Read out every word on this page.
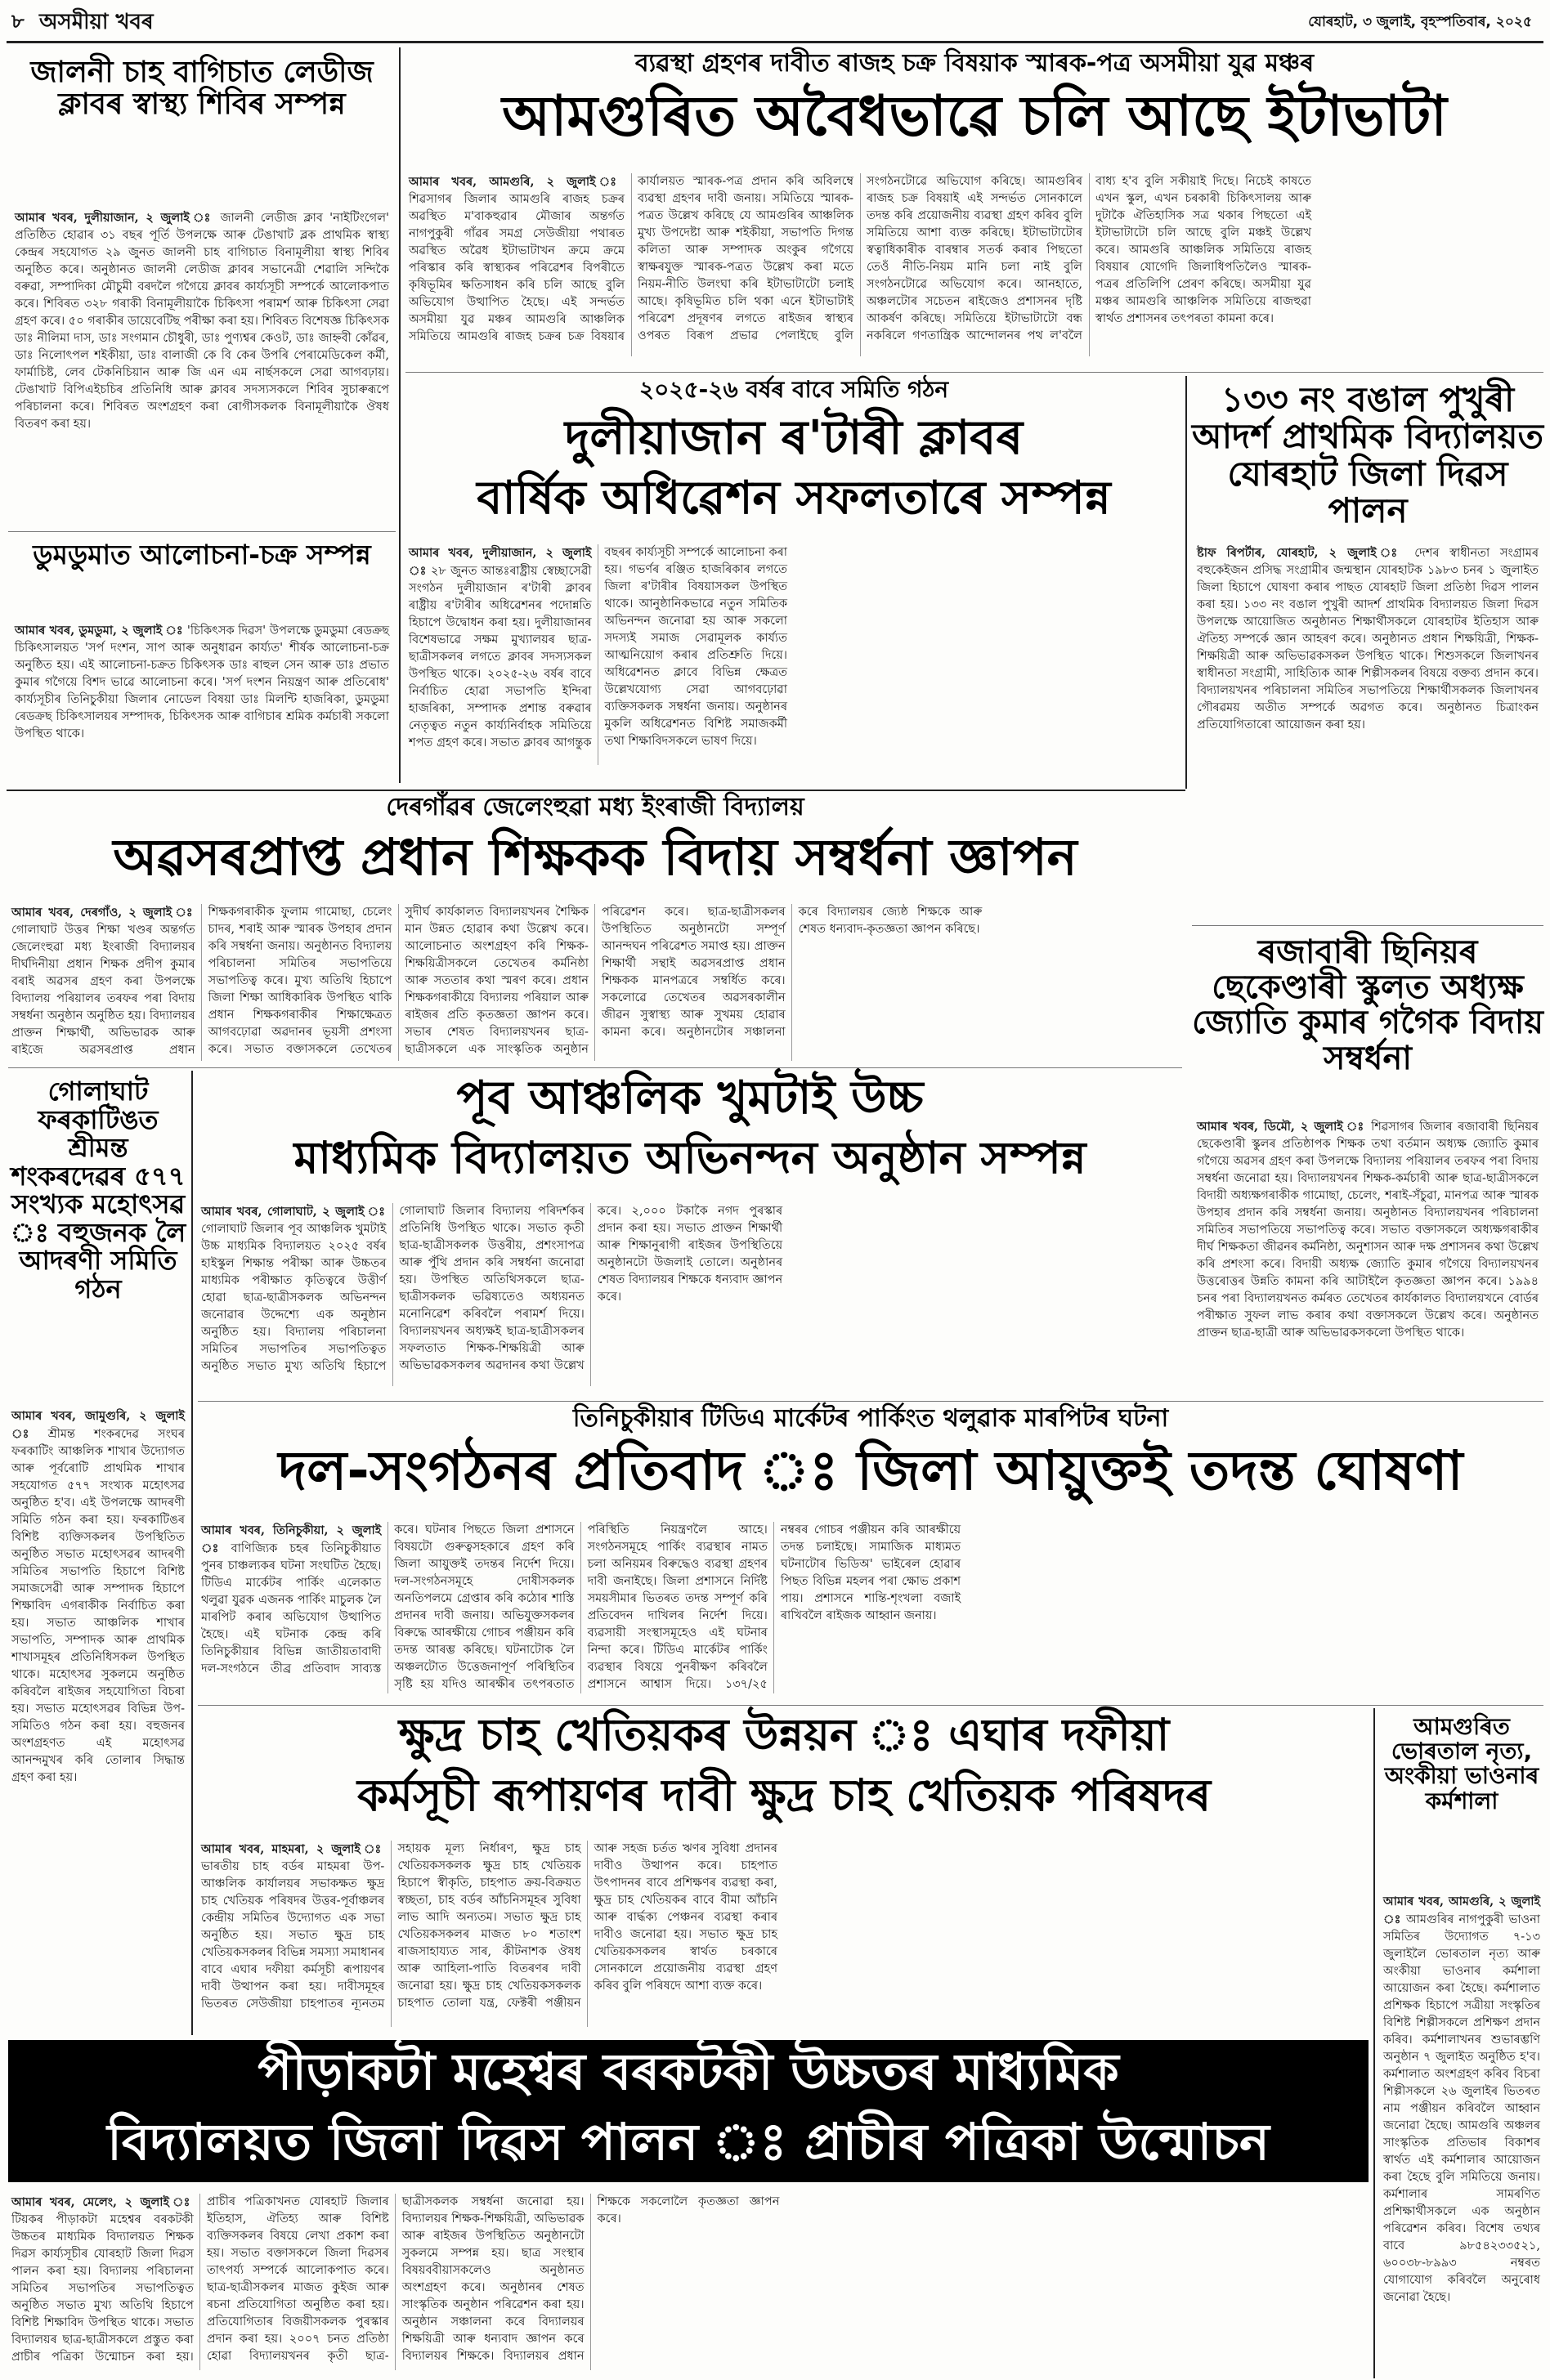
৮ অসমীয়া খবৰ	যোৰহাট, ৩ জুলাই, বৃহস্পতিবাৰ, ২০২৫
জালনী চাহ বাগিচাত লেডীজ ক্লাবৰ স্বাস্থ্য শিবিৰ সম্পন্ন
আমাৰ খবৰ, দুলীয়াজান, ২ জুলাই ঃ জালনী লেডীজ ক্লাব 'নাইটিংগেল' প্ৰতিষ্ঠিত হোৱাৰ ৩১ বছৰ পূৰ্তি উপলক্ষে আৰু টেঙাখাট ব্লক প্ৰাথমিক স্বাস্থ্য কেন্দ্ৰৰ সহযোগত ২৯ জুনত জালনী চাহ বাগিচাত বিনামূলীয়া স্বাস্থ্য শিবিৰ অনুষ্ঠিত কৰে। অনুষ্ঠানত জালনী লেডীজ ক্লাবৰ সভানেত্ৰী শেৱালি সন্দিকৈ বৰুৱা, সম্পাদিকা মৌচুমী বৰদলৈ গগৈয়ে ক্লাবৰ কাৰ্য্যসূচী সম্পৰ্কে আলোকপাত কৰে। শিবিৰত ৩২৮ গৰাকী বিনামূলীয়াকৈ চিকিৎসা পৰামৰ্শ আৰু চিকিৎসা সেৱা গ্ৰহণ কৰে। ৫০ গৰাকীৰ ডায়েবেটিছ পৰীক্ষা কৰা হয়। শিবিৰত বিশেষজ্ঞ চিকিৎসক ডাঃ নীলিমা দাস, ডাঃ সংগমান চৌধুৰী, ডাঃ পুণ্যশ্বৰ কেওট, ডাঃ জাহ্নবী কোঁৱৰ, ডাঃ নিলোৎপল শইকীয়া, ডাঃ বালাজী কে বি কেৰ উপৰি পেৰামেডিকেল কৰ্মী, ফাৰ্মাচিষ্ট, লেব টেকনিচিয়ান আৰু জি এন এম নাৰ্ছসকলে সেৱা আগবঢ়ায়। টেঙাখাট বিপিএইচচিৰ প্ৰতিনিধি আৰু ক্লাবৰ সদস্যসকলে শিবিৰ সুচাৰুৰূপে পৰিচালনা কৰে। শিবিৰত অংশগ্ৰহণ কৰা ৰোগীসকলক বিনামূলীয়াকৈ ঔষধ বিতৰণ কৰা হয়।
ডুমডুমাত আলোচনা-চক্ৰ সম্পন্ন
আমাৰ খবৰ, ডুমডুমা, ২ জুলাই ঃ 'চিকিৎসক দিৱস' উপলক্ষে ডুমডুমা ৰেডক্ৰছ চিকিৎসালয়ত 'সৰ্প দংশন, সাপ আৰু অনুধাৱন কাৰ্য্যত' শীৰ্ষক আলোচনা-চক্ৰ অনুষ্ঠিত হয়। এই আলোচনা-চক্ৰত চিকিৎসক ডাঃ ৰাহুল সেন আৰু ডাঃ প্ৰভাত কুমাৰ গগৈয়ে বিশদ ভাৱে আলোচনা কৰে। 'সৰ্প দংশন নিয়ন্ত্ৰণ আৰু প্ৰতিৰোধ' কাৰ্য্যসূচীৰ তিনিচুকীয়া জিলাৰ নোডেল বিষয়া ডাঃ মিলন্টি হাজৰিকা, ডুমডুমা ৰেডক্ৰছ চিকিৎসালয়ৰ সম্পাদক, চিকিৎসক আৰু বাগিচাৰ শ্ৰমিক কৰ্মচাৰী সকলো উপস্থিত থাকে।
ব্যৱস্থা গ্ৰহণৰ দাবীত ৰাজহ চক্ৰ বিষয়াক স্মাৰক-পত্ৰ অসমীয়া যুৱ মঞ্চৰ
আমগুৰিত অবৈধভাৱে চলি আছে ইটাভাটা
আমাৰ খবৰ, আমগুৰি, ২ জুলাই ঃ শিৱসাগৰ জিলাৰ আমগুৰি ৰাজহ চক্ৰৰ অৱস্থিত ম'বাকহুৱাৰ মৌজাৰ অন্তৰ্গত নাগপুকুৰী গাঁৱৰ সমগ্ৰ সেউজীয়া পথাৰত অৱস্থিত অৱৈধ ইটাভাটাখন ক্ৰমে ক্ৰমে পৰিস্কাৰ কৰি স্বাস্থ্যকৰ পৰিৱেশৰ বিপৰীতে কৃষিভূমিৰ ক্ষতিসাধন কৰি চলি আছে বুলি অভিযোগ উত্থাপিত হৈছে। এই সন্দৰ্ভত অসমীয়া যুৱ মঞ্চৰ আমগুৰি আঞ্চলিক সমিতিয়ে আমগুৰি ৰাজহ চক্ৰৰ চক্ৰ বিষয়াৰ কাৰ্যালয়ত স্মাৰক-পত্ৰ প্ৰদান কৰি অবিলম্বে ব্যৱস্থা গ্ৰহণৰ দাবী জনায়। সমিতিয়ে স্মাৰক-পত্ৰত উল্লেখ কৰিছে যে আমগুৰিৰ আঞ্চলিক মুখ্য উপদেষ্টা আৰু শইকীয়া, সভাপতি দিগন্ত কলিতা আৰু সম্পাদক অংকুৰ গগৈয়ে স্বাক্ষৰযুক্ত স্মাৰক-পত্ৰত উল্লেখ কৰা মতে নিয়ম-নীতি উলংঘা কৰি ইটাভাটাটো চলাই আছে। কৃষিভূমিত চলি থকা এনে ইটাভাটাই পৰিৱেশ প্ৰদূষণৰ লগতে ৰাইজৰ স্বাস্থ্যৰ ওপৰত বিৰূপ প্ৰভাৱ পেলাইছে বুলি সংগঠনটোৱে অভিযোগ কৰিছে। আমগুৰিৰ ৰাজহ চক্ৰ বিষয়াই এই সন্দৰ্ভত সোনকালে তদন্ত কৰি প্ৰয়োজনীয় ব্যৱস্থা গ্ৰহণ কৰিব বুলি সমিতিয়ে আশা ব্যক্ত কৰিছে। ইটাভাটাটোৰ স্বত্বাধিকাৰীক বাৰম্বাৰ সতৰ্ক কৰাৰ পিছতো তেওঁ নীতি-নিয়ম মানি চলা নাই বুলি সংগঠনটোৱে অভিযোগ কৰে। আনহাতে, অঞ্চলটোৰ সচেতন ৰাইজেও প্ৰশাসনৰ দৃষ্টি আকৰ্ষণ কৰিছে। সমিতিয়ে ইটাভাটাটো বন্ধ নকৰিলে গণতান্ত্ৰিক আন্দোলনৰ পথ ল'বলৈ বাধ্য হ'ব বুলি সকীয়াই দিছে। নিচেই কাষতে এখন স্কুল, এখন চৰকাৰী চিকিৎসালয় আৰু দুটাকৈ ঐতিহাসিক সত্ৰ থকাৰ পিছতো এই ইটাভাটাটো চলি আছে বুলি মঞ্চই উল্লেখ কৰে। আমগুৰি আঞ্চলিক সমিতিয়ে ৰাজহ বিষয়াৰ যোগেদি জিলাধিপতিলৈও স্মাৰক-পত্ৰৰ প্ৰতিলিপি প্ৰেৰণ কৰিছে। অসমীয়া যুৱ মঞ্চৰ আমগুৰি আঞ্চলিক সমিতিয়ে ৰাজহুৱা স্বাৰ্থত প্ৰশাসনৰ তৎপৰতা কামনা কৰে।
২০২৫-২৬ বৰ্ষৰ বাবে সমিতি গঠন
দুলীয়াজান ৰ'টাৰী ক্লাবৰ
বাৰ্ষিক অধিৱেশন সফলতাৰে সম্পন্ন
আমাৰ খবৰ, দুলীয়াজান, ২ জুলাই ঃ ২৮ জুনত আন্তঃৰাষ্ট্ৰীয় স্বেচ্ছাসেৱী সংগঠন দুলীয়াজান ৰ'টাৰী ক্লাবৰ ৰাষ্ট্ৰীয় ৰ'টাৰীৰ অধিৱেশনৰ পদোন্নতি হিচাপে উদ্বোধন কৰা হয়। দুলীয়াজানৰ বিশেষভাৱে সক্ষম মুখ্যালয়ৰ ছাত্ৰ-ছাত্ৰীসকলৰ লগতে ক্লাবৰ সদস্যসকল উপস্থিত থাকে। ২০২৫-২৬ বৰ্ষৰ বাবে নিৰ্বাচিত হোৱা সভাপতি ইন্দিৰা হাজৰিকা, সম্পাদক প্ৰশান্ত বৰুৱাৰ নেতৃত্বত নতুন কাৰ্য্যনিৰ্বাহক সমিতিয়ে শপত গ্ৰহণ কৰে। সভাত ক্লাবৰ আগন্তুক বছৰৰ কাৰ্য্যসূচী সম্পৰ্কে আলোচনা কৰা হয়। গভৰ্ণৰ ৰঞ্জিত হাজৰিকাৰ লগতে জিলা ৰ'টাৰীৰ বিষয়াসকল উপস্থিত থাকে। আনুষ্ঠানিকভাৱে নতুন সমিতিক অভিনন্দন জনোৱা হয় আৰু সকলো সদস্যই সমাজ সেৱামূলক কাৰ্য্যত আত্মনিয়োগ কৰাৰ প্ৰতিশ্ৰুতি দিয়ে। অধিৱেশনত ক্লাবে বিভিন্ন ক্ষেত্ৰত উল্লেখযোগ্য সেৱা আগবঢ়োৱা ব্যক্তিসকলক সম্বৰ্ধনা জনায়। অনুষ্ঠানৰ মুকলি অধিৱেশনত বিশিষ্ট সমাজকৰ্মী তথা শিক্ষাবিদসকলে ভাষণ দিয়ে।
১৩৩ নং বঙাল পুখুৰী আদৰ্শ প্ৰাথমিক বিদ্যালয়ত যোৰহাট জিলা দিৱস পালন
ষ্টাফ ৰিপৰ্টাৰ, যোৰহাট, ২ জুলাই ঃ দেশৰ স্বাধীনতা সংগ্ৰামৰ বহুকেইজন প্ৰসিদ্ধ সংগ্ৰামীৰ জন্মস্থান যোৰহাটক ১৯৮৩ চনৰ ১ জুলাইত জিলা হিচাপে ঘোষণা কৰাৰ পাছত যোৰহাট জিলা প্ৰতিষ্ঠা দিৱস পালন কৰা হয়। ১৩৩ নং বঙাল পুখুৰী আদৰ্শ প্ৰাথমিক বিদ্যালয়ত জিলা দিৱস উপলক্ষে আয়োজিত অনুষ্ঠানত শিক্ষাৰ্থীসকলে যোৰহাটৰ ইতিহাস আৰু ঐতিহ্য সম্পৰ্কে জ্ঞান আহৰণ কৰে। অনুষ্ঠানত প্ৰধান শিক্ষয়িত্ৰী, শিক্ষক-শিক্ষয়িত্ৰী আৰু অভিভাৱকসকল উপস্থিত থাকে। শিশুসকলে জিলাখনৰ স্বাধীনতা সংগ্ৰামী, সাহিত্যিক আৰু শিল্পীসকলৰ বিষয়ে বক্তব্য প্ৰদান কৰে। বিদ্যালয়খনৰ পৰিচালনা সমিতিৰ সভাপতিয়ে শিক্ষাৰ্থীসকলক জিলাখনৰ গৌৰৱময় অতীত সম্পৰ্কে অৱগত কৰে। অনুষ্ঠানত চিত্ৰাংকন প্ৰতিযোগিতাৰো আয়োজন কৰা হয়।
দেৰগাঁৱৰ জেলেংহুৱা মধ্য ইংৰাজী বিদ্যালয়
অৱসৰপ্ৰাপ্ত প্ৰধান শিক্ষকক বিদায় সম্বৰ্ধনা জ্ঞাপন
আমাৰ খবৰ, দেৰগাঁও, ২ জুলাই ঃ গোলাঘাট উত্তৰ শিক্ষা খণ্ডৰ অন্তৰ্গত জেলেংহুৱা মধ্য ইংৰাজী বিদ্যালয়ৰ দীৰ্ঘদিনীয়া প্ৰধান শিক্ষক প্ৰদীপ কুমাৰ বৰাই অৱসৰ গ্ৰহণ কৰা উপলক্ষে বিদ্যালয় পৰিয়ালৰ তৰফৰ পৰা বিদায় সম্বৰ্ধনা অনুষ্ঠান অনুষ্ঠিত হয়। বিদ্যালয়ৰ প্ৰাক্তন শিক্ষাৰ্থী, অভিভাৱক আৰু ৰাইজে অৱসৰপ্ৰাপ্ত প্ৰধান শিক্ষকগৰাকীক ফুলাম গামোছা, চেলেং চাদৰ, শৰাই আৰু স্মাৰক উপহাৰ প্ৰদান কৰি সম্বৰ্ধনা জনায়। অনুষ্ঠানত বিদ্যালয় পৰিচালনা সমিতিৰ সভাপতিয়ে সভাপতিত্ব কৰে। মুখ্য অতিথি হিচাপে জিলা শিক্ষা আধিকাৰিক উপস্থিত থাকি প্ৰধান শিক্ষকগৰাকীৰ শিক্ষাক্ষেত্ৰত আগবঢ়োৱা অৱদানৰ ভূয়সী প্ৰশংসা কৰে। সভাত বক্তাসকলে তেখেতৰ সুদীৰ্ঘ কাৰ্যকালত বিদ্যালয়খনৰ শৈক্ষিক মান উন্নত হোৱাৰ কথা উল্লেখ কৰে। আলোচনাত অংশগ্ৰহণ কৰি শিক্ষক-শিক্ষয়িত্ৰীসকলে তেখেতৰ কৰ্মনিষ্ঠা আৰু সততাৰ কথা স্মৰণ কৰে। প্ৰধান শিক্ষকগৰাকীয়ে বিদ্যালয় পৰিয়াল আৰু ৰাইজৰ প্ৰতি কৃতজ্ঞতা জ্ঞাপন কৰে। সভাৰ শেষত বিদ্যালয়খনৰ ছাত্ৰ-ছাত্ৰীসকলে এক সাংস্কৃতিক অনুষ্ঠান পৰিৱেশন কৰে। ছাত্ৰ-ছাত্ৰীসকলৰ উপস্থিতিত অনুষ্ঠানটো সম্পূৰ্ণ আনন্দঘন পৰিৱেশত সমাপ্ত হয়। প্ৰাক্তন শিক্ষাৰ্থী সন্থাই অৱসৰপ্ৰাপ্ত প্ৰধান শিক্ষকক মানপত্ৰৰে সম্বৰ্ধিত কৰে। সকলোৱে তেখেতৰ অৱসৰকালীন জীৱন সুস্বাস্থ্য আৰু সুখময় হোৱাৰ কামনা কৰে। অনুষ্ঠানটোৰ সঞ্চালনা কৰে বিদ্যালয়ৰ জ্যেষ্ঠ শিক্ষকে আৰু শেষত ধন্যবাদ-কৃতজ্ঞতা জ্ঞাপন কৰিছে।
ৰজাবাৰী ছিনিয়ৰ ছেকেণ্ডাৰী স্কুলত অধ্যক্ষ জ্যোতি কুমাৰ গগৈক বিদায় সম্বৰ্ধনা
আমাৰ খবৰ, ডিমৌ, ২ জুলাই ঃ শিৱসাগৰ জিলাৰ ৰজাবাৰী ছিনিয়ৰ ছেকেণ্ডাৰী স্কুলৰ প্ৰতিষ্ঠাপক শিক্ষক তথা বৰ্তমান অধ্যক্ষ জ্যোতি কুমাৰ গগৈয়ে অৱসৰ গ্ৰহণ কৰা উপলক্ষে বিদ্যালয় পৰিয়ালৰ তৰফৰ পৰা বিদায় সম্বৰ্ধনা জনোৱা হয়। বিদ্যালয়খনৰ শিক্ষক-কৰ্মচাৰী আৰু ছাত্ৰ-ছাত্ৰীসকলে বিদায়ী অধ্যক্ষগৰাকীক গামোছা, চেলেং, শৰাই-সঁচুৱা, মানপত্ৰ আৰু স্মাৰক উপহাৰ প্ৰদান কৰি সম্বৰ্ধনা জনায়। অনুষ্ঠানত বিদ্যালয়খনৰ পৰিচালনা সমিতিৰ সভাপতিয়ে সভাপতিত্ব কৰে। সভাত বক্তাসকলে অধ্যক্ষগৰাকীৰ দীৰ্ঘ শিক্ষকতা জীৱনৰ কৰ্মনিষ্ঠা, অনুশাসন আৰু দক্ষ প্ৰশাসনৰ কথা উল্লেখ কৰি প্ৰশংসা কৰে। বিদায়ী অধ্যক্ষ জ্যোতি কুমাৰ গগৈয়ে বিদ্যালয়খনৰ উত্তৰোত্তৰ উন্নতি কামনা কৰি আটাইলৈ কৃতজ্ঞতা জ্ঞাপন কৰে। ১৯৯৪ চনৰ পৰা বিদ্যালয়খনত কৰ্মৰত তেখেতৰ কাৰ্যকালত বিদ্যালয়খনে বোৰ্ডৰ পৰীক্ষাত সুফল লাভ কৰাৰ কথা বক্তাসকলে উল্লেখ কৰে। অনুষ্ঠানত প্ৰাক্তন ছাত্ৰ-ছাত্ৰী আৰু অভিভাৱকসকলো উপস্থিত থাকে।
গোলাঘাট ফৰকাটিঙত শ্ৰীমন্ত শংকৰদেৱৰ ৫৭৭ সংখ্যক মহোৎসৱ ঃ বহুজনক লৈ আদৰণী সমিতি গঠন
আমাৰ খবৰ, জামুগুৰি, ২ জুলাই ঃ শ্ৰীমন্ত শংকৰদেৱ সংঘৰ ফৰকাটিং আঞ্চলিক শাখাৰ উদ্যোগত আৰু পূৰ্বৰোটি প্ৰাথমিক শাখাৰ সহযোগত ৫৭৭ সংখ্যক মহোৎসৱ অনুষ্ঠিত হ'ব। এই উপলক্ষে আদৰণী সমিতি গঠন কৰা হয়। ফৰকাটিঙৰ বিশিষ্ট ব্যক্তিসকলৰ উপস্থিতিত অনুষ্ঠিত সভাত মহোৎসৱৰ আদৰণী সমিতিৰ সভাপতি হিচাপে বিশিষ্ট সমাজসেৱী আৰু সম্পাদক হিচাপে শিক্ষাবিদ এগৰাকীক নিৰ্বাচিত কৰা হয়। সভাত আঞ্চলিক শাখাৰ সভাপতি, সম্পাদক আৰু প্ৰাথমিক শাখাসমূহৰ প্ৰতিনিধিসকল উপস্থিত থাকে। মহোৎসৱ সুকলমে অনুষ্ঠিত কৰিবলৈ ৰাইজৰ সহযোগিতা বিচৰা হয়। সভাত মহোৎসৱৰ বিভিন্ন উপ-সমিতিও গঠন কৰা হয়। বহুজনৰ অংশগ্ৰহণত এই মহোৎসৱ আনন্দমুখৰ কৰি তোলাৰ সিদ্ধান্ত গ্ৰহণ কৰা হয়।
পূব আঞ্চলিক খুমটাই উচ্চ
মাধ্যমিক বিদ্যালয়ত অভিনন্দন অনুষ্ঠান সম্পন্ন
আমাৰ খবৰ, গোলাঘাট, ২ জুলাই ঃ গোলাঘাট জিলাৰ পূব আঞ্চলিক খুমটাই উচ্চ মাধ্যমিক বিদ্যালয়ত ২০২৫ বৰ্ষৰ হাইস্কুল শিক্ষান্ত পৰীক্ষা আৰু উচ্চতৰ মাধ্যমিক পৰীক্ষাত কৃতিত্বৰে উত্তীৰ্ণ হোৱা ছাত্ৰ-ছাত্ৰীসকলক অভিনন্দন জনোৱাৰ উদ্দেশ্যে এক অনুষ্ঠান অনুষ্ঠিত হয়। বিদ্যালয় পৰিচালনা সমিতিৰ সভাপতিৰ সভাপতিত্বত অনুষ্ঠিত সভাত মুখ্য অতিথি হিচাপে গোলাঘাট জিলাৰ বিদ্যালয় পৰিদৰ্শকৰ প্ৰতিনিধি উপস্থিত থাকে। সভাত কৃতী ছাত্ৰ-ছাত্ৰীসকলক উত্তৰীয়, প্ৰশংসাপত্ৰ আৰু পুঁথি প্ৰদান কৰি সম্বৰ্ধনা জনোৱা হয়। উপস্থিত অতিথিসকলে ছাত্ৰ-ছাত্ৰীসকলক ভৱিষ্যতেও অধ্যয়নত মনোনিৱেশ কৰিবলৈ পৰামৰ্শ দিয়ে। বিদ্যালয়খনৰ অধ্যক্ষই ছাত্ৰ-ছাত্ৰীসকলৰ সফলতাত শিক্ষক-শিক্ষয়িত্ৰী আৰু অভিভাৱকসকলৰ অৱদানৰ কথা উল্লেখ কৰে। ২,০০০ টকাকৈ নগদ পুৰস্কাৰ প্ৰদান কৰা হয়। সভাত প্ৰাক্তন শিক্ষাৰ্থী আৰু শিক্ষানুৰাগী ৰাইজৰ উপস্থিতিয়ে অনুষ্ঠানটো উজলাই তোলে। অনুষ্ঠানৰ শেষত বিদ্যালয়ৰ শিক্ষকে ধন্যবাদ জ্ঞাপন কৰে।
তিনিচুকীয়াৰ টিডিএ মাৰ্কেটৰ পাৰ্কিংত থলুৱাক মাৰপিটৰ ঘটনা
দল-সংগঠনৰ প্ৰতিবাদ ঃ জিলা আয়ুক্তই তদন্ত ঘোষণা
আমাৰ খবৰ, তিনিচুকীয়া, ২ জুলাই ঃ বাণিজ্যিক চহৰ তিনিচুকীয়াত পুনৰ চাঞ্চল্যকৰ ঘটনা সংঘটিত হৈছে। টিডিএ মাৰ্কেটৰ পাৰ্কিং এলেকাত থলুৱা যুৱক এজনক পাৰ্কিং মাচুলক লৈ মাৰপিট কৰাৰ অভিযোগ উত্থাপিত হৈছে। এই ঘটনাক কেন্দ্ৰ কৰি তিনিচুকীয়াৰ বিভিন্ন জাতীয়তাবাদী দল-সংগঠনে তীব্ৰ প্ৰতিবাদ সাব্যস্ত কৰে। ঘটনাৰ পিছতে জিলা প্ৰশাসনে বিষয়টো গুৰুত্বসহকাৰে গ্ৰহণ কৰি জিলা আয়ুক্তই তদন্তৰ নিৰ্দেশ দিয়ে। দল-সংগঠনসমূহে দোষীসকলক অনতিপলমে গ্ৰেপ্তাৰ কৰি কঠোৰ শাস্তি প্ৰদানৰ দাবী জনায়। অভিযুক্তসকলৰ বিৰুদ্ধে আৰক্ষীয়ে গোচৰ পঞ্জীয়ন কৰি তদন্ত আৰম্ভ কৰিছে। ঘটনাটোক লৈ অঞ্চলটোত উত্তেজনাপূৰ্ণ পৰিস্থিতিৰ সৃষ্টি হয় যদিও আৰক্ষীৰ তৎপৰতাত পৰিস্থিতি নিয়ন্ত্ৰণলৈ আহে। সংগঠনসমূহে পাৰ্কিং ব্যৱস্থাৰ নামত চলা অনিয়মৰ বিৰুদ্ধেও ব্যৱস্থা গ্ৰহণৰ দাবী জনাইছে। জিলা প্ৰশাসনে নিৰ্দিষ্ট সময়সীমাৰ ভিতৰত তদন্ত সম্পূৰ্ণ কৰি প্ৰতিবেদন দাখিলৰ নিৰ্দেশ দিয়ে। ব্যৱসায়ী সংস্থাসমূহেও এই ঘটনাৰ নিন্দা কৰে। টিডিএ মাৰ্কেটৰ পাৰ্কিং ব্যৱস্থাৰ বিষয়ে পুনৰীক্ষণ কৰিবলৈ প্ৰশাসনে আশ্বাস দিয়ে। ১৩৭/২৫ নম্বৰৰ গোচৰ পঞ্জীয়ন কৰি আৰক্ষীয়ে তদন্ত চলাইছে। সামাজিক মাধ্যমত ঘটনাটোৰ ভিডিঅ' ভাইৰেল হোৱাৰ পিছত বিভিন্ন মহলৰ পৰা ক্ষোভ প্ৰকাশ পায়। প্ৰশাসনে শান্তি-শৃংখলা বজাই ৰাখিবলৈ ৰাইজক আহ্বান জনায়।
ক্ষুদ্ৰ চাহ খেতিয়কৰ উন্নয়ন ঃ এঘাৰ দফীয়া
কৰ্মসূচী ৰূপায়ণৰ দাবী ক্ষুদ্ৰ চাহ খেতিয়ক পৰিষদৰ
আমাৰ খবৰ, মাহমৰা, ২ জুলাই ঃ ভাৰতীয় চাহ বৰ্ডৰ মাহমৰা উপ-আঞ্চলিক কাৰ্যালয়ৰ সভাকক্ষত ক্ষুদ্ৰ চাহ খেতিয়ক পৰিষদৰ উত্তৰ-পূৰ্বাঞ্চলৰ কেন্দ্ৰীয় সমিতিৰ উদ্যোগত এক সভা অনুষ্ঠিত হয়। সভাত ক্ষুদ্ৰ চাহ খেতিয়কসকলৰ বিভিন্ন সমস্যা সমাধানৰ বাবে এঘাৰ দফীয়া কৰ্মসূচী ৰূপায়ণৰ দাবী উত্থাপন কৰা হয়। দাবীসমূহৰ ভিতৰত সেউজীয়া চাহপাতৰ ন্যূনতম সহায়ক মূল্য নিৰ্ধাৰণ, ক্ষুদ্ৰ চাহ খেতিয়কসকলক ক্ষুদ্ৰ চাহ খেতিয়ক হিচাপে স্বীকৃতি, চাহপাত ক্ৰয়-বিক্ৰয়ত স্বচ্ছতা, চাহ বৰ্ডৰ আঁচনিসমূহৰ সুবিধা লাভ আদি অন্যতম। সভাত ক্ষুদ্ৰ চাহ খেতিয়কসকলৰ মাজত ৮০ শতাংশ ৰাজসাহায্যত সাৰ, কীটনাশক ঔষধ আৰু আহিলা-পাতি বিতৰণৰ দাবী জনোৱা হয়। ক্ষুদ্ৰ চাহ খেতিয়কসকলক চাহপাত তোলা যন্ত্ৰ, ফেক্টৰী পঞ্জীয়ন আৰু সহজ চৰ্তত ঋণৰ সুবিধা প্ৰদানৰ দাবীও উত্থাপন কৰে। চাহপাত উৎপাদনৰ বাবে প্ৰশিক্ষণৰ ব্যৱস্থা কৰা, ক্ষুদ্ৰ চাহ খেতিয়কৰ বাবে বীমা আঁচনি আৰু বাৰ্দ্ধক্য পেঞ্চনৰ ব্যৱস্থা কৰাৰ দাবীও জনোৱা হয়। সভাত ক্ষুদ্ৰ চাহ খেতিয়কসকলৰ স্বাৰ্থত চৰকাৰে সোনকালে প্ৰয়োজনীয় ব্যৱস্থা গ্ৰহণ কৰিব বুলি পৰিষদে আশা ব্যক্ত কৰে।
আমগুৰিত ভোৰতাল নৃত্য, অংকীয়া ভাওনাৰ কৰ্মশালা
আমাৰ খবৰ, আমগুৰি, ২ জুলাই ঃ আমগুৰিৰ নাগপুকুৰী ভাওনা সমিতিৰ উদ্যোগত ৭-১৩ জুলাইলৈ ভোৰতাল নৃত্য আৰু অংকীয়া ভাওনাৰ কৰ্মশালা আয়োজন কৰা হৈছে। কৰ্মশালাত প্ৰশিক্ষক হিচাপে সত্ৰীয়া সংস্কৃতিৰ বিশিষ্ট শিল্পীসকলে প্ৰশিক্ষণ প্ৰদান কৰিব। কৰ্মশালাখনৰ শুভাৰম্ভণি অনুষ্ঠান ৭ জুলাইত অনুষ্ঠিত হ'ব। কৰ্মশালাত অংশগ্ৰহণ কৰিব বিচৰা শিল্পীসকলে ২৬ জুলাইৰ ভিতৰত নাম পঞ্জীয়ন কৰিবলৈ আহ্বান জনোৱা হৈছে। আমগুৰি অঞ্চলৰ সাংস্কৃতিক প্ৰতিভাৰ বিকাশৰ স্বাৰ্থত এই কৰ্মশালাৰ আয়োজন কৰা হৈছে বুলি সমিতিয়ে জনায়। কৰ্মশালাৰ সামৰণিত প্ৰশিক্ষাৰ্থীসকলে এক অনুষ্ঠান পৰিৱেশন কৰিব। বিশেষ তথ্যৰ বাবে ৯৮৫৪২৩৩৫২১, ৬০০৩৮-৮৯৯৩ নম্বৰত যোগাযোগ কৰিবলৈ অনুৰোধ জনোৱা হৈছে।
পীড়াকটা মহেশ্বৰ বৰকটকী উচ্চতৰ মাধ্যমিক
বিদ্যালয়ত জিলা দিৱস পালন ঃ প্ৰাচীৰ পত্ৰিকা উন্মোচন
আমাৰ খবৰ, মেলেং, ২ জুলাই ঃ টিয়কৰ পীড়াকটা মহেশ্বৰ বৰকটকী উচ্চতৰ মাধ্যমিক বিদ্যালয়ত শিক্ষক দিৱস কাৰ্য্যসূচীৰ যোৰহাট জিলা দিৱস পালন কৰা হয়। বিদ্যালয় পৰিচালনা সমিতিৰ সভাপতিৰ সভাপতিত্বত অনুষ্ঠিত সভাত মুখ্য অতিথি হিচাপে বিশিষ্ট শিক্ষাবিদ উপস্থিত থাকে। সভাত বিদ্যালয়ৰ ছাত্ৰ-ছাত্ৰীসকলে প্ৰস্তুত কৰা প্ৰাচীৰ পত্ৰিকা উন্মোচন কৰা হয়। প্ৰাচীৰ পত্ৰিকাখনত যোৰহাট জিলাৰ ইতিহাস, ঐতিহ্য আৰু বিশিষ্ট ব্যক্তিসকলৰ বিষয়ে লেখা প্ৰকাশ কৰা হয়। সভাত বক্তাসকলে জিলা দিৱসৰ তাৎপৰ্য্য সম্পৰ্কে আলোকপাত কৰে। ছাত্ৰ-ছাত্ৰীসকলৰ মাজত কুইজ আৰু ৰচনা প্ৰতিযোগিতা অনুষ্ঠিত কৰা হয়। প্ৰতিযোগিতাৰ বিজয়ীসকলক পুৰস্কাৰ প্ৰদান কৰা হয়। ২০০৭ চনত প্ৰতিষ্ঠা হোৱা বিদ্যালয়খনৰ কৃতী ছাত্ৰ-ছাত্ৰীসকলক সম্বৰ্ধনা জনোৱা হয়। বিদ্যালয়ৰ শিক্ষক-শিক্ষয়িত্ৰী, অভিভাৱক আৰু ৰাইজৰ উপস্থিতিত অনুষ্ঠানটো সুকলমে সম্পন্ন হয়। ছাত্ৰ সংস্থাৰ বিষয়ববীয়াসকলেও অনুষ্ঠানত অংশগ্ৰহণ কৰে। অনুষ্ঠানৰ শেষত সাংস্কৃতিক অনুষ্ঠান পৰিৱেশন কৰা হয়। অনুষ্ঠান সঞ্চালনা কৰে বিদ্যালয়ৰ শিক্ষয়িত্ৰী আৰু ধন্যবাদ জ্ঞাপন কৰে বিদ্যালয়ৰ শিক্ষকে। বিদ্যালয়ৰ প্ৰধান শিক্ষকে সকলোলৈ কৃতজ্ঞতা জ্ঞাপন কৰে।
